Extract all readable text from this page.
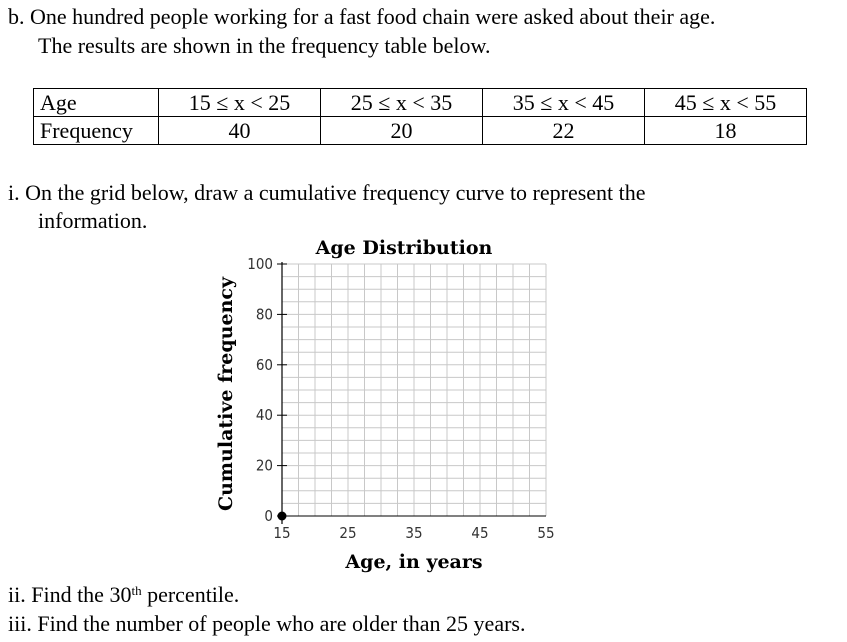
b. One hundred people working for a fast food chain were asked about their age.
The results are shown in the frequency table below.
Age	15 ≤ x < 25	25 ≤ x < 35	35 ≤ x < 45	45 ≤ x < 55
Frequency	40	20	22	18
i. On the grid below, draw a cumulative frequency curve to represent the
information.
0
20
40
60
80
100
15	25	35	45	55
Age Distribution
Cumulative frequency
Age, in years
ii. Find the 30th percentile.
iii. Find the number of people who are older than 25 years.
